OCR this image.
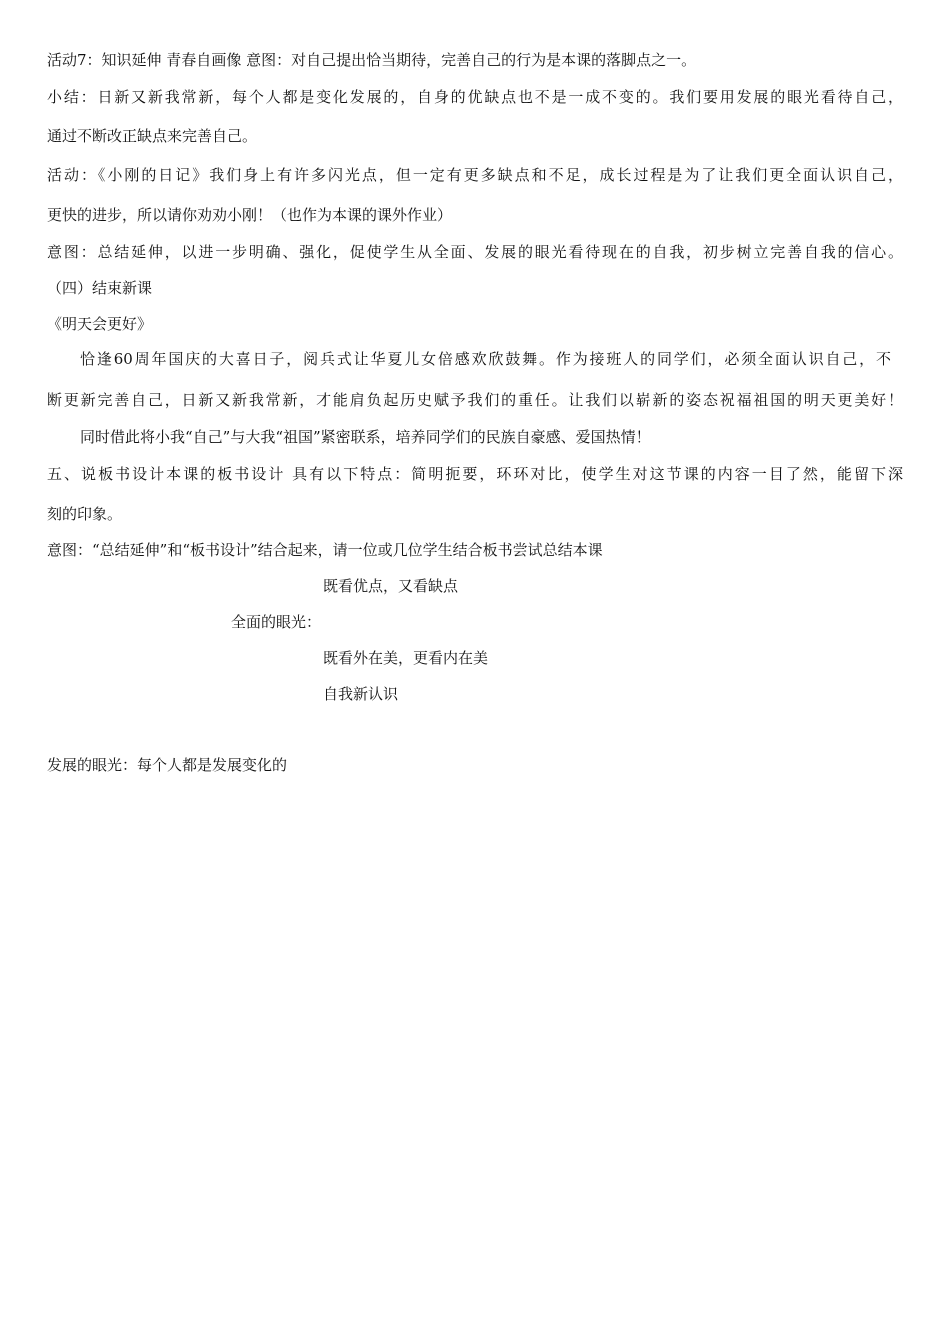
活动7：知识延伸 青春自画像 意图：对自己提出恰当期待，完善自己的行为是本课的落脚点之一。
小结：日新又新我常新，每个人都是变化发展的，自身的优缺点也不是一成不变的。我们要用发展的眼光看待自己，
通过不断改正缺点来完善自己。
活动：《小刚的日记》我们身上有许多闪光点，但一定有更多缺点和不足，成长过程是为了让我们更全面认识自己，
更快的进步，所以请你劝劝小刚！（也作为本课的课外作业）
意图：总结延伸，以进一步明确、强化，促使学生从全面、发展的眼光看待现在的自我，初步树立完善自我的信心。
（四）结束新课
《明天会更好》
恰逢60周年国庆的大喜日子，阅兵式让华夏儿女倍感欢欣鼓舞。作为接班人的同学们，必须全面认识自己，不
断更新完善自己，日新又新我常新，才能肩负起历史赋予我们的重任。让我们以崭新的姿态祝福祖国的明天更美好！
同时借此将小我“自己”与大我“祖国”紧密联系，培养同学们的民族自豪感、爱国热情！
五、说板书设计本课的板书设计 具有以下特点：简明扼要，环环对比，使学生对这节课的内容一目了然，能留下深
刻的印象。
意图：“总结延伸”和“板书设计”结合起来，请一位或几位学生结合板书尝试总结本课
既看优点，又看缺点
全面的眼光：
既看外在美，更看内在美
自我新认识
发展的眼光：每个人都是发展变化的
